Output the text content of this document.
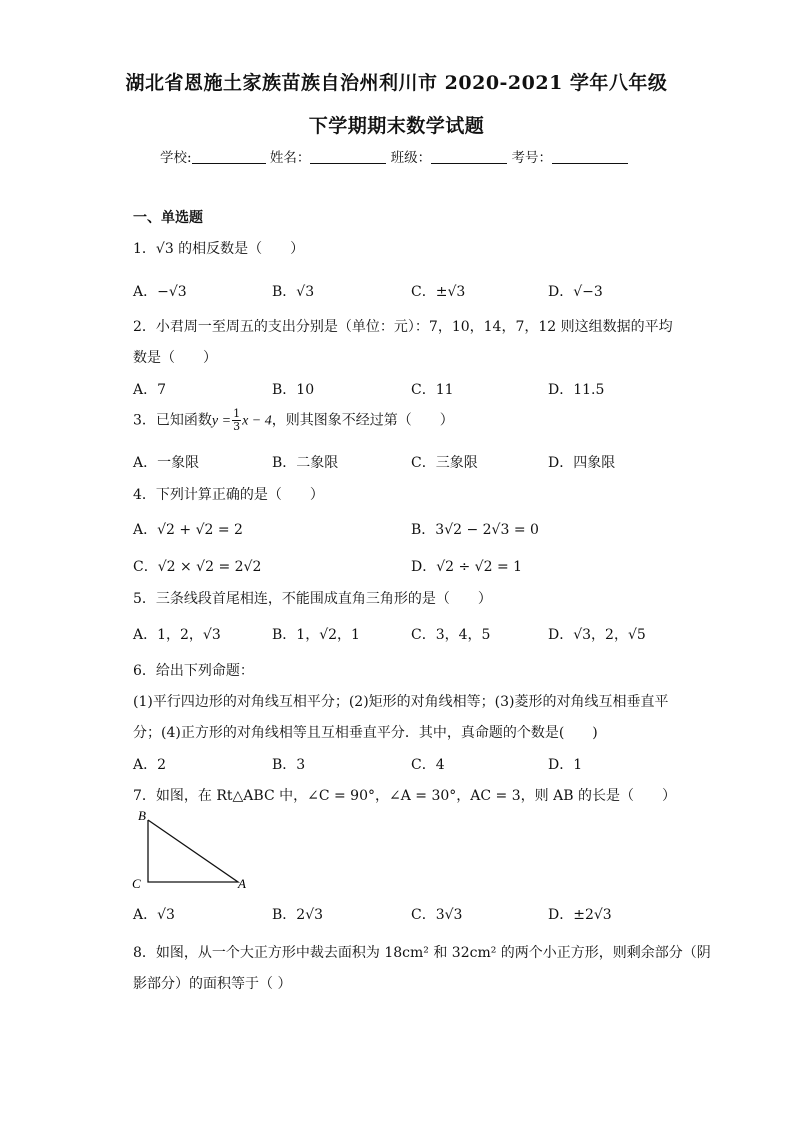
湖北省恩施土家族苗族自治州利川市 2020-2021 学年八年级
下学期期末数学试题
学校:	姓名：	班级：	考号：
一、单选题
1．√3 的相反数是（　　）
A．−√3	B．√3	C．±√3	D．√−3
2．小君周一至周五的支出分别是（单位：元）：7，10，14，7，12 则这组数据的平均
数是（　　）
A．7	B．10	C．11	D．11.5
3．已知函数$y = \frac{1}{3}$ x − 4，则其图象不经过第（　　）
A．一象限	B．二象限	C．三象限	D．四象限
4．下列计算正确的是（　　）
A．√2 + √2 = 2	B．3√2 − 2√3 = 0
C．√2 × √2 = 2√2	D．√2 ÷ √2 = 1
5．三条线段首尾相连，不能围成直角三角形的是（　　）
A．1，2，√3	B．1，√2，1	C．3，4，5	D．√3，2，√5
6．给出下列命题：
(1)平行四边形的对角线互相平分；(2)矩形的对角线相等；(3)菱形的对角线互相垂直平
分；(4)正方形的对角线相等且互相垂直平分．其中，真命题的个数是(　　)
A．2	B．3	C．4	D．1
7．如图，在 Rt△ABC 中，∠C = 90°，∠A = 30°，AC = 3，则 AB 的长是（　　）
B
C	A
A．√3	B．2√3	C．3√3	D．±2√3
8．如图，从一个大正方形中裁去面积为 18cm² 和 32cm² 的两个小正方形，则剩余部分（阴
影部分）的面积等于（ ）
